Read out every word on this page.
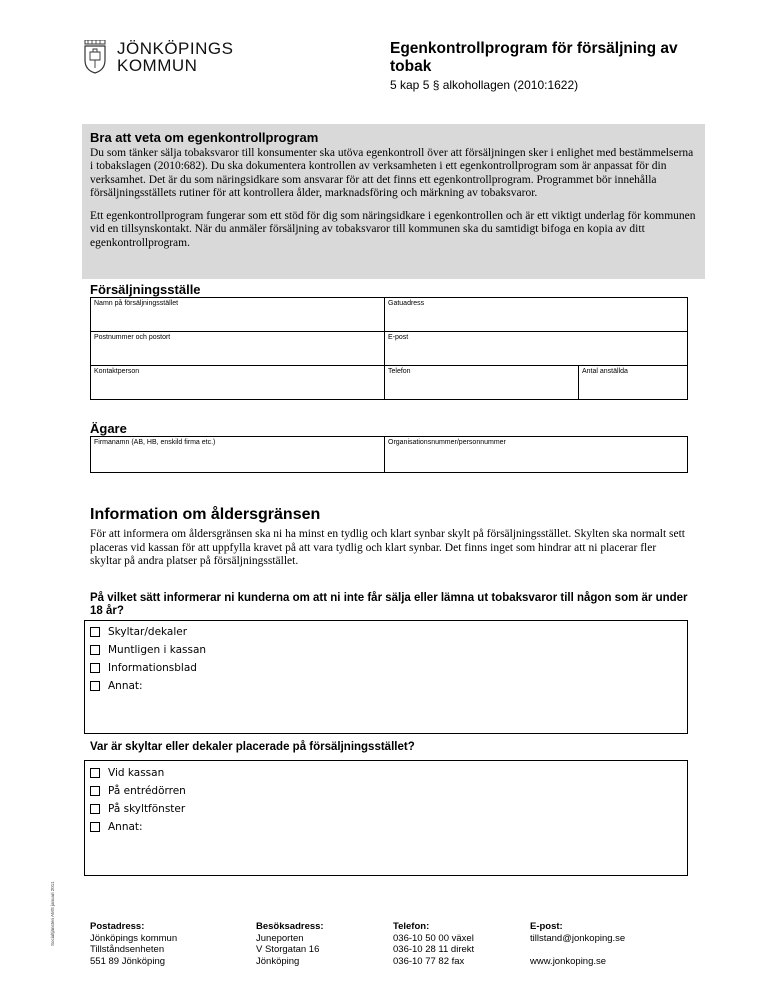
JÖNKÖPINGS
KOMMUN
Egenkontrollprogram för försäljning av tobak
5 kap 5 § alkohollagen (2010:1622)
Bra att veta om egenkontrollprogram

Du som tänker sälja tobaksvaror till konsumenter ska utöva egenkontroll över att försäljningen sker i enlighet med bestämmelserna i tobakslagen (2010:682). Du ska dokumentera kontrollen av verksamheten i ett egenkontrollprogram som är anpassat för din verksamhet. Det är du som näringsidkare som ansvarar för att det finns ett egenkontrollprogram. Programmet bör innehålla försäljningsställets rutiner för att kontrollera ålder, marknadsföring och märkning av tobaksvaror.

Ett egenkontrollprogram fungerar som ett stöd för dig som näringsidkare i egenkontrollen och är ett viktigt underlag för kommunen vid en tillsynskontakt. När du anmäler försäljning av tobaksvaror till kommunen ska du samtidigt bifoga en kopia av ditt egenkontrollprogram.

Försäljningsställe
Namn på försäljningsstället	Gatuadress
Postnummer och postort	E-post
Kontaktperson	Telefon	Antal anställda
Ägare
Firmanamn (AB, HB, enskild firma etc.)	Organisationsnummer/personnummer
Information om åldersgränsen
För att informera om åldersgränsen ska ni ha minst en tydlig och klart synbar skylt på försäljningsstället. Skylten ska normalt sett placeras vid kassan för att uppfylla kravet på att vara tydlig och klart synbar. Det finns inget som hindrar att ni placerar fler skyltar på andra platser på försäljningsstället.
På vilket sätt informerar ni kunderna om att ni inte får sälja eller lämna ut tobaksvaror till någon som är under 18 år?
Skyltar/dekaler
Muntligen i kassan
Informationsblad
Annat:
Var är skyltar eller dekaler placerade på försäljningsstället?
Vid kassan
På entrédörren
På skyltfönster
Annat:
Socialtjänsten AMS januari 2011	Postadress:
Jönköpings kommun
Tillståndsenheten
551 89 Jönköping
Besöksadress:
Juneporten
V Storgatan 16
Jönköping
Telefon:
036-10 50 00 växel
036-10 28 11 direkt
036-10 77 82 fax
E-post:
tillstand@jonkoping.se
www.jonkoping.se
